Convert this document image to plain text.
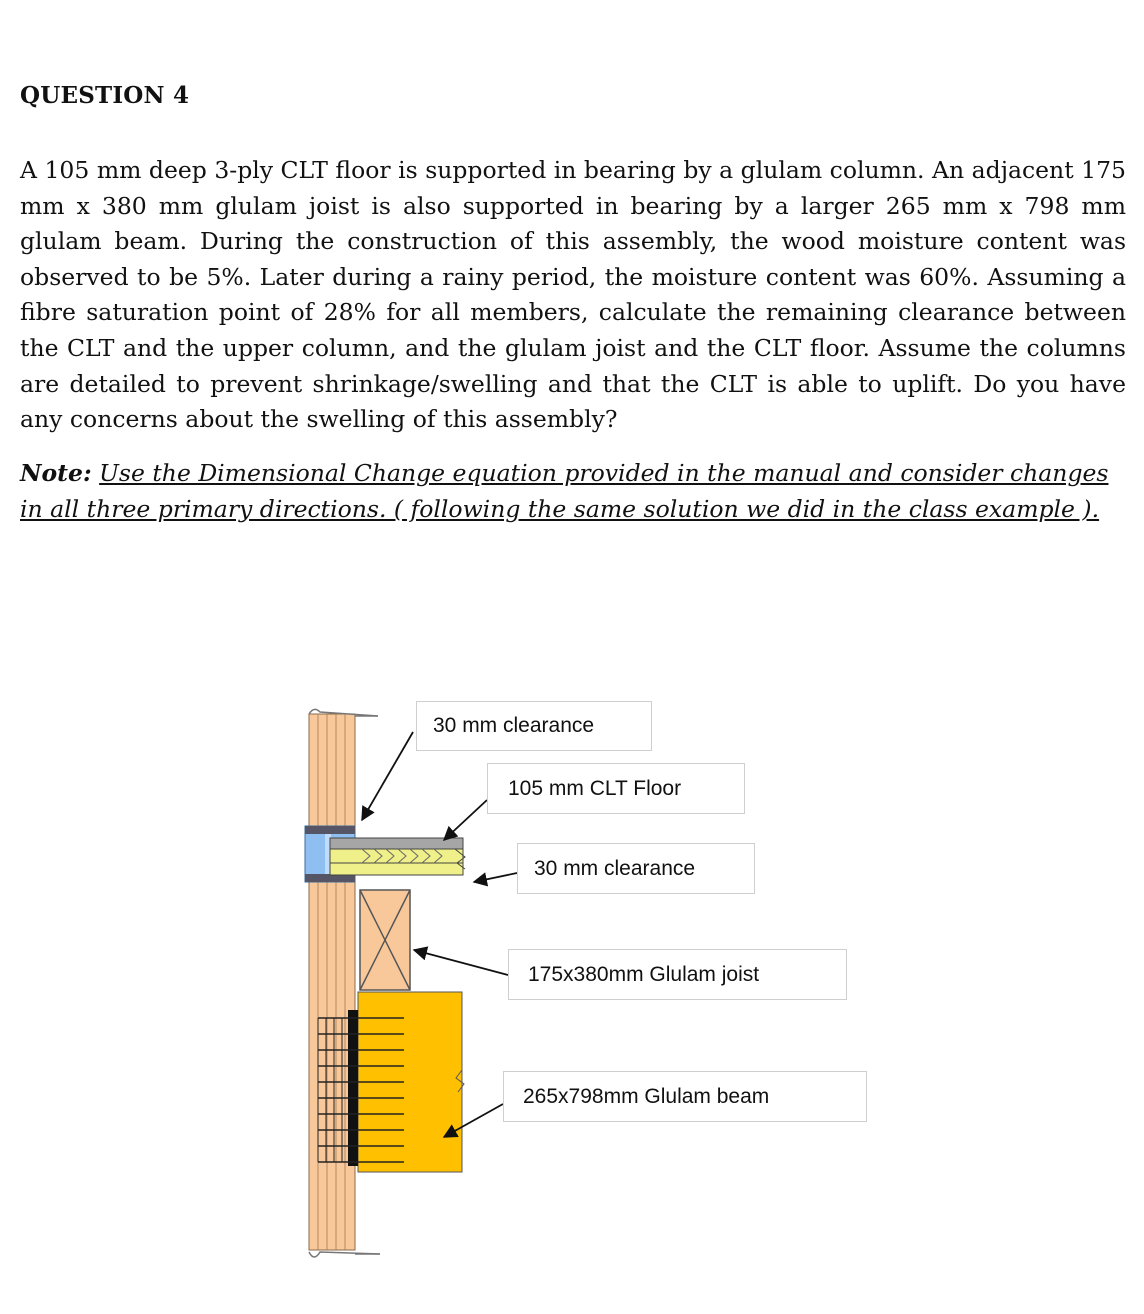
QUESTION 4

A 105 mm deep 3-ply CLT floor is supported in bearing by a glulam column. An adjacent 175 mm x 380 mm glulam joist is also supported in bearing by a larger 265 mm x 798 mm glulam beam. During the construction of this assembly, the wood moisture content was observed to be 5%. Later during a rainy period, the moisture content was 60%. Assuming a fibre saturation point of 28% for all members, calculate the remaining clearance between the CLT and the upper column, and the glulam joist and the CLT floor. Assume the columns are detailed to prevent shrinkage/swelling and that the CLT is able to uplift. Do you have any concerns about the swelling of this assembly?

Note: Use the Dimensional Change equation provided in the manual and consider changes in all three primary directions. ( following the same solution we did in the class example ).

30 mm clearance
105 mm CLT Floor
30 mm clearance
175x380mm Glulam joist
265x798mm Glulam beam
